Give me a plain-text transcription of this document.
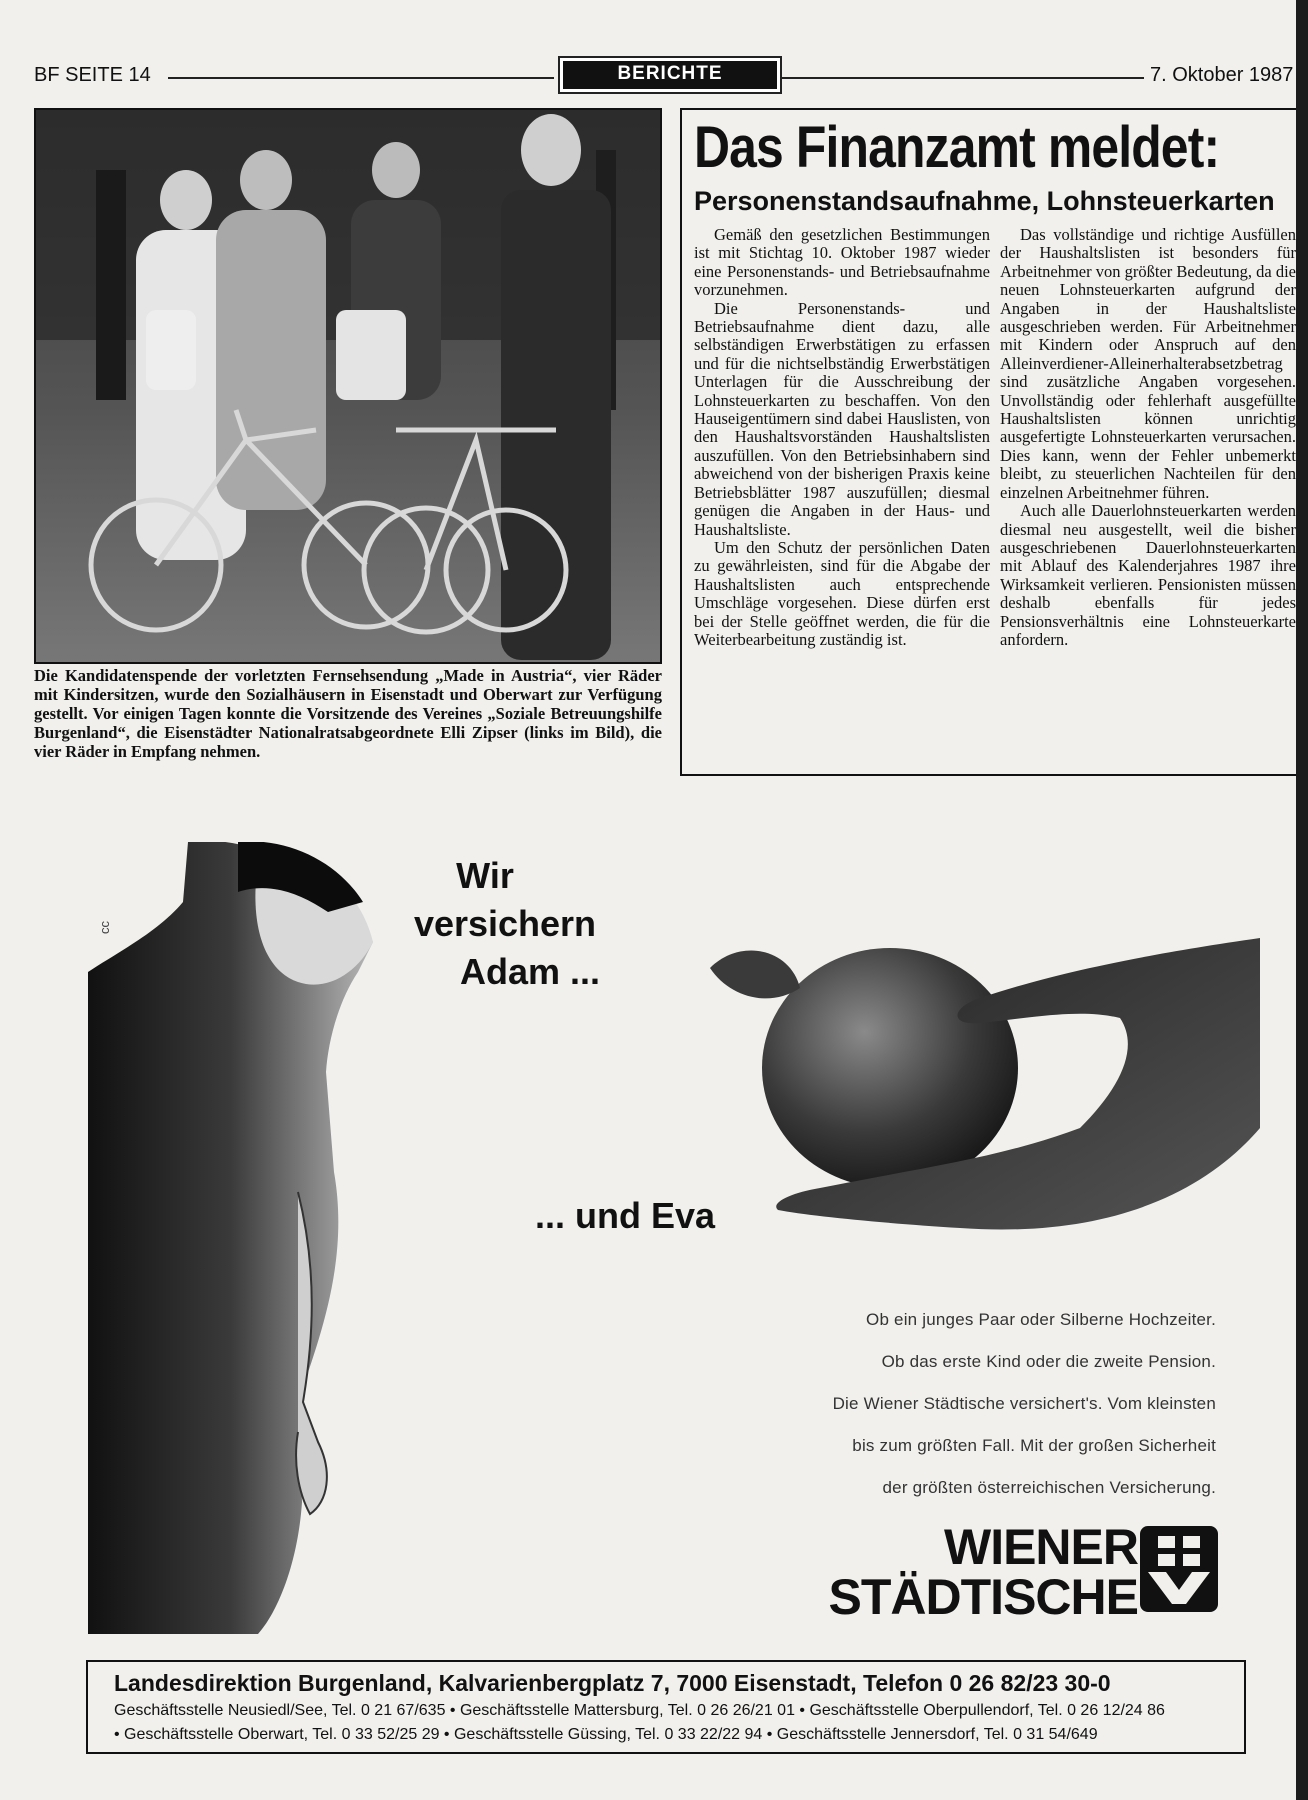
BF SEITE 14	BERICHTE	7. Oktober 1987
Die Kandidatenspende der vorletzten Fernsehsendung „Made in Austria“, vier Räder mit Kindersitzen, wurde den Sozialhäusern in Eisenstadt und Oberwart zur Verfügung gestellt. Vor einigen Tagen konnte die Vorsitzende des Vereines „Soziale Betreuungshilfe Burgenland“, die Eisenstädter Nationalratsabgeordnete Elli Zipser (links im Bild), die vier Räder in Empfang nehmen.
Das Finanzamt meldet:
Personenstandsaufnahme, Lohnsteuerkarten

Gemäß den gesetzlichen Bestimmungen ist mit Stichtag 10. Oktober 1987 wieder eine Personenstands- und Betriebsaufnahme vorzunehmen.

Die Personenstands- und Betriebsaufnahme dient dazu, alle selbständigen Erwerbstätigen zu erfassen und für die nichtselbständig Erwerbstätigen Unterlagen für die Ausschreibung der Lohnsteuerkarten zu beschaffen. Von den Hauseigentümern sind dabei Hauslisten, von den Haushaltsvorständen Haushaltslisten auszufüllen. Von den Betriebsinhabern sind abweichend von der bisherigen Praxis keine Betriebsblätter 1987 auszufüllen; diesmal genügen die Angaben in der Haus- und Haushaltsliste.

Um den Schutz der persönlichen Daten zu gewährleisten, sind für die Abgabe der Haushaltslisten auch entsprechende Umschläge vorgesehen. Diese dürfen erst bei der Stelle geöffnet werden, die für die Weiterbearbeitung zuständig ist.

Das vollständige und richtige Ausfüllen der Haushaltslisten ist besonders für Arbeitnehmer von größter Bedeutung, da die neuen Lohnsteuerkarten aufgrund der Angaben in der Haushaltsliste ausgeschrieben werden. Für Arbeitnehmer mit Kindern oder Anspruch auf den Alleinverdiener-Alleinerhalterabsetzbetrag sind zusätzliche Angaben vorgesehen. Unvollständig oder fehlerhaft ausgefüllte Haushaltslisten können unrichtig ausgefertigte Lohnsteuerkarten verursachen. Dies kann, wenn der Fehler unbemerkt bleibt, zu steuerlichen Nachteilen für den einzelnen Arbeitnehmer führen.

Auch alle Dauerlohnsteuerkarten werden diesmal neu ausgestellt, weil die bisher ausgeschriebenen Dauerlohnsteuerkarten mit Ablauf des Kalenderjahres 1987 ihre Wirksamkeit verlieren. Pensionisten müssen deshalb ebenfalls für jedes Pensionsverhältnis eine Lohnsteuerkarte anfordern.

cc
Wir
versichern
Adam ...
... und Eva
Ob ein junges Paar oder Silberne Hochzeiter.
Ob das erste Kind oder die zweite Pension.
Die Wiener Städtische versichert's. Vom kleinsten
bis zum größten Fall. Mit der großen Sicherheit
der größten österreichischen Versicherung.
WIENER
STÄDTISCHE
Landesdirektion Burgenland, Kalvarienbergplatz 7, 7000 Eisenstadt, Telefon 0 26 82/23 30-0
Geschäftsstelle Neusiedl/See, Tel. 0 21 67/635 • Geschäftsstelle Mattersburg, Tel. 0 26 26/21 01 • Geschäftsstelle Oberpullendorf, Tel. 0 26 12/24 86
• Geschäftsstelle Oberwart, Tel. 0 33 52/25 29 • Geschäftsstelle Güssing, Tel. 0 33 22/22 94 • Geschäftsstelle Jennersdorf, Tel. 0 31 54/649
